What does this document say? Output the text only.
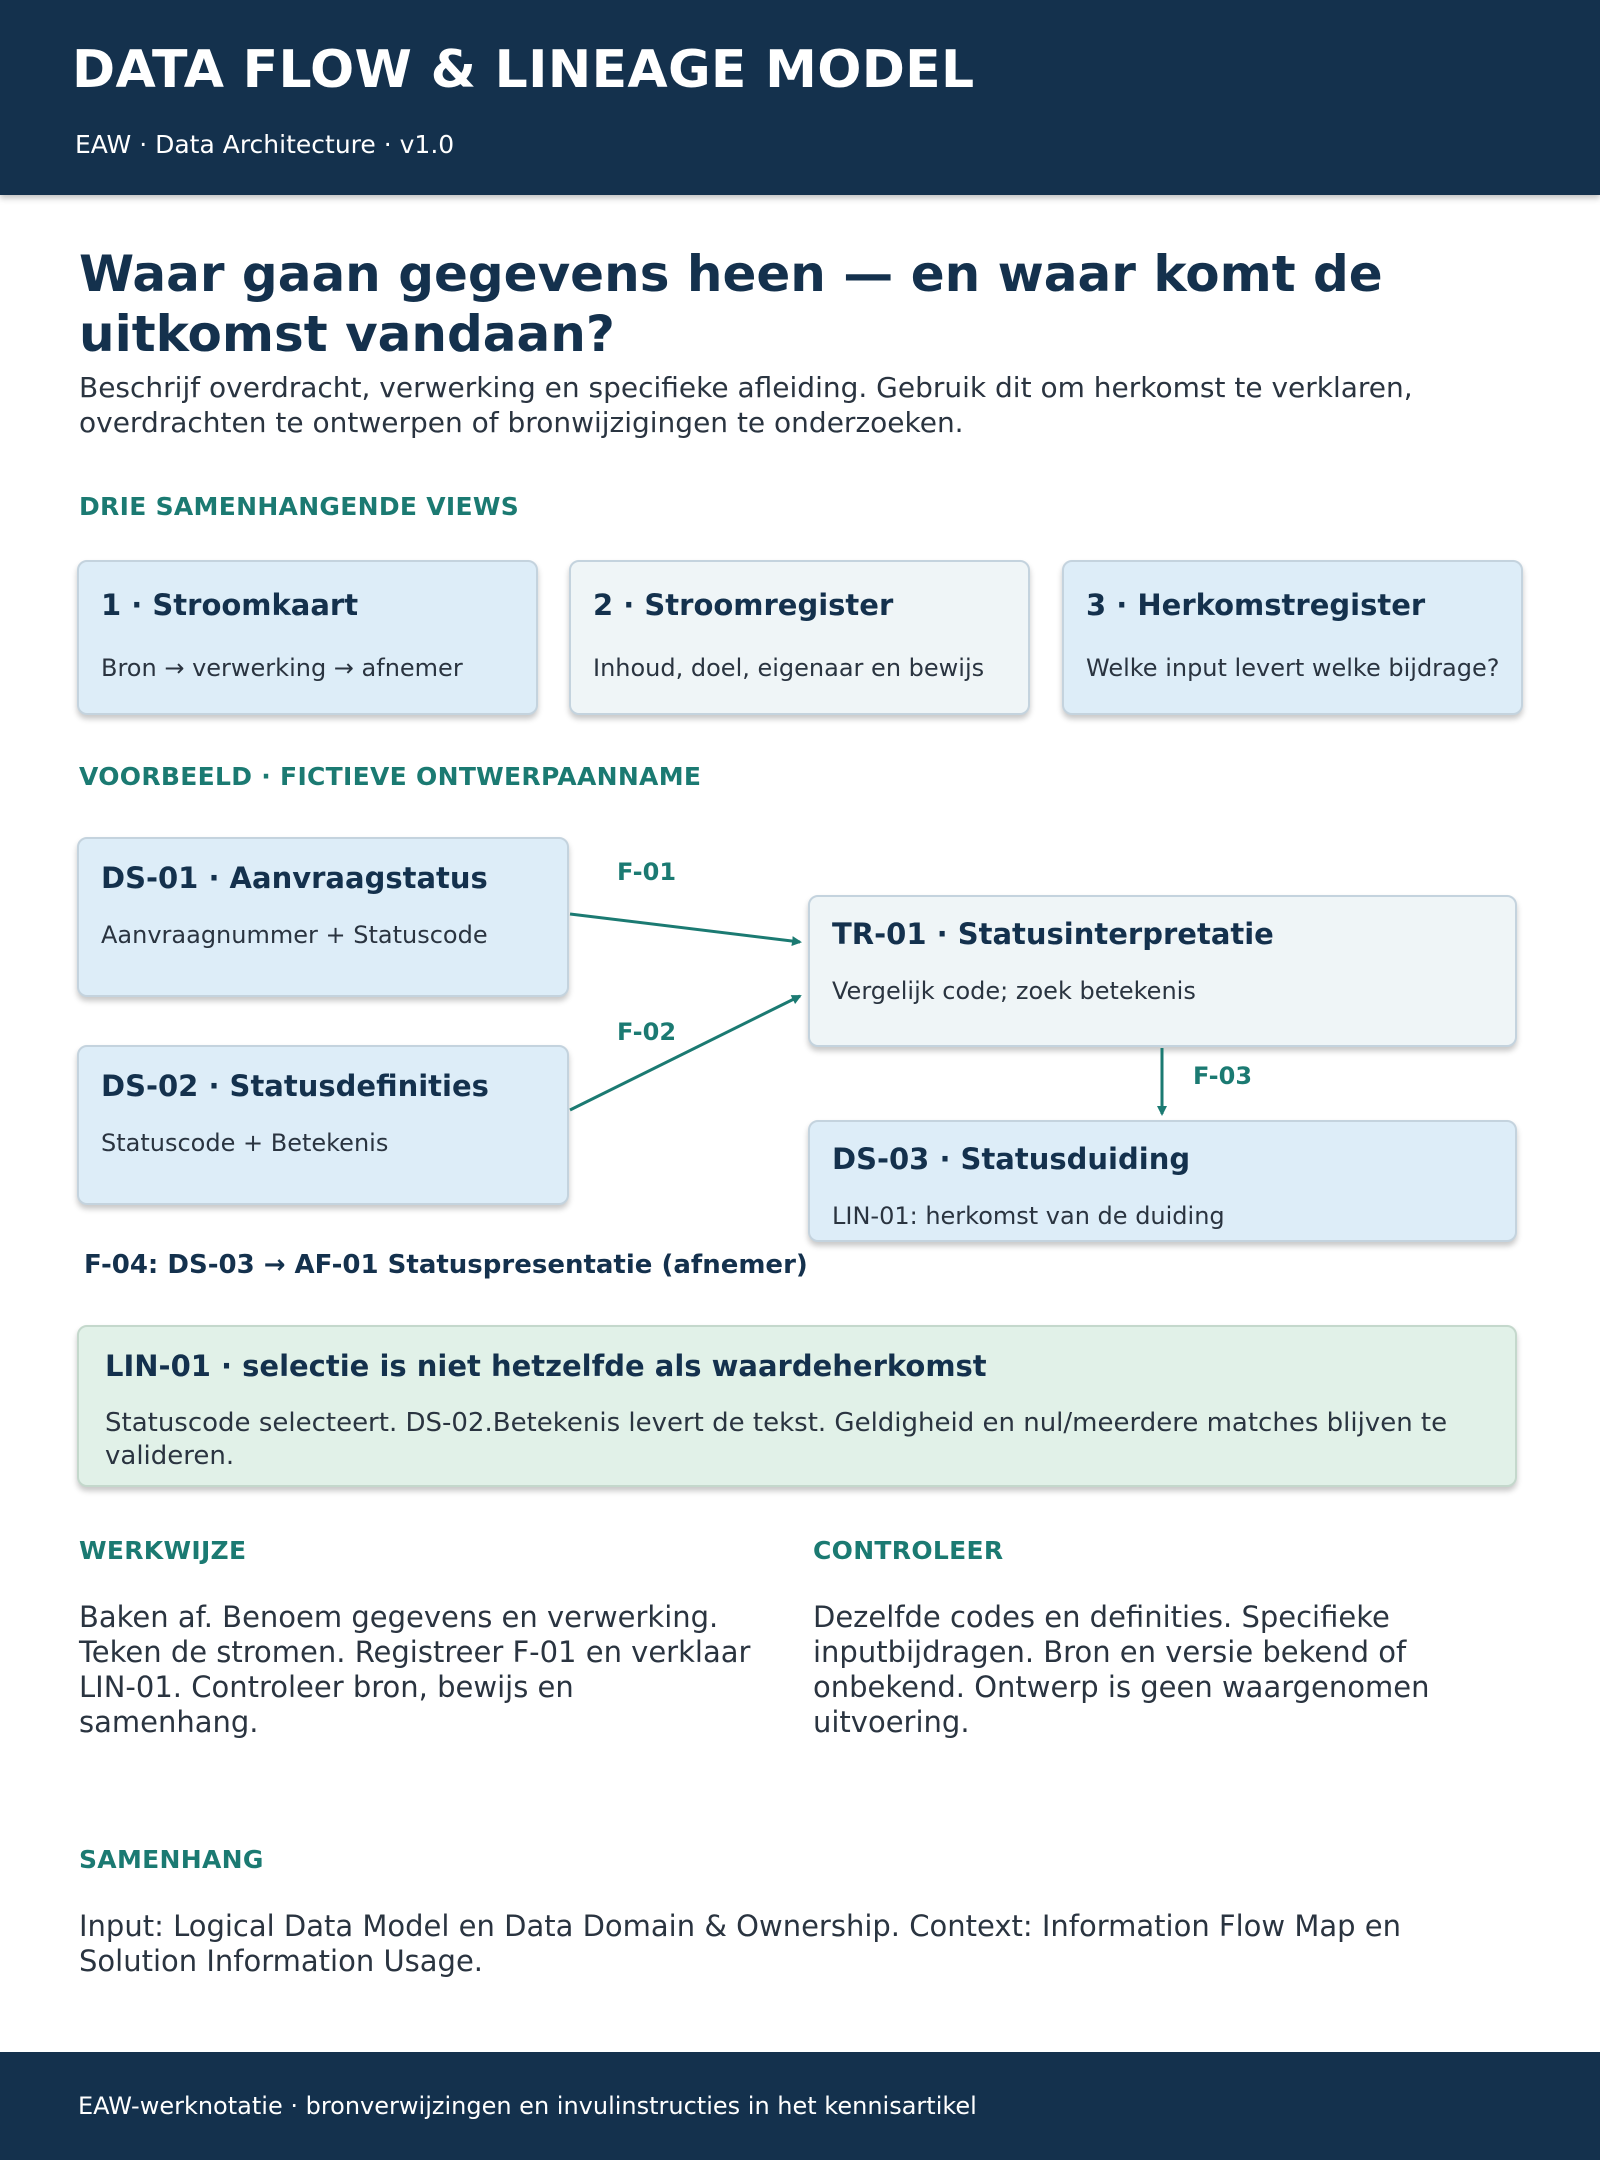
DATA FLOW & LINEAGE MODEL
EAW · Data Architecture · v1.0
Waar gaan gegevens heen — en waar komt de uitkomst vandaan?

Beschrijf overdracht, verwerking en specifieke afleiding. Gebruik dit om herkomst te verklaren, overdrachten te ontwerpen of bronwijzigingen te onderzoeken.

DRIE SAMENHANGENDE VIEWS
1 · Stroomkaart
Bron → verwerking → afnemer
2 · Stroomregister
Inhoud, doel, eigenaar en bewijs
3 · Herkomstregister
Welke input levert welke bijdrage?
VOORBEELD · FICTIEVE ONTWERPAANNAME
DS-01 · Aanvraagstatus
Aanvraagnummer + Statuscode
DS-02 · Statusdefinities
Statuscode + Betekenis
TR-01 · Statusinterpretatie
Vergelijk code; zoek betekenis
DS-03 · Statusduiding
LIN-01: herkomst van de duiding
F-01
F-02
F-03
F-04: DS-03 → AF-01 Statuspresentatie (afnemer)
LIN-01 · selectie is niet hetzelfde als waardeherkomst
Statuscode selecteert. DS-02.Betekenis levert de tekst. Geldigheid en nul/meerdere matches blijven te valideren.
WERKWIJZE

Baken af. Benoem gegevens en verwerking. Teken de stromen. Registreer F-01 en verklaar LIN-01. Controleer bron, bewijs en samenhang.

CONTROLEER

Dezelfde codes en definities. Specifieke inputbijdragen. Bron en versie bekend of onbekend. Ontwerp is geen waargenomen uitvoering.

SAMENHANG

Input: Logical Data Model en Data Domain & Ownership. Context: Information Flow Map en Solution Information Usage.

EAW-werknotatie · bronverwijzingen en invulinstructies in het kennisartikel
